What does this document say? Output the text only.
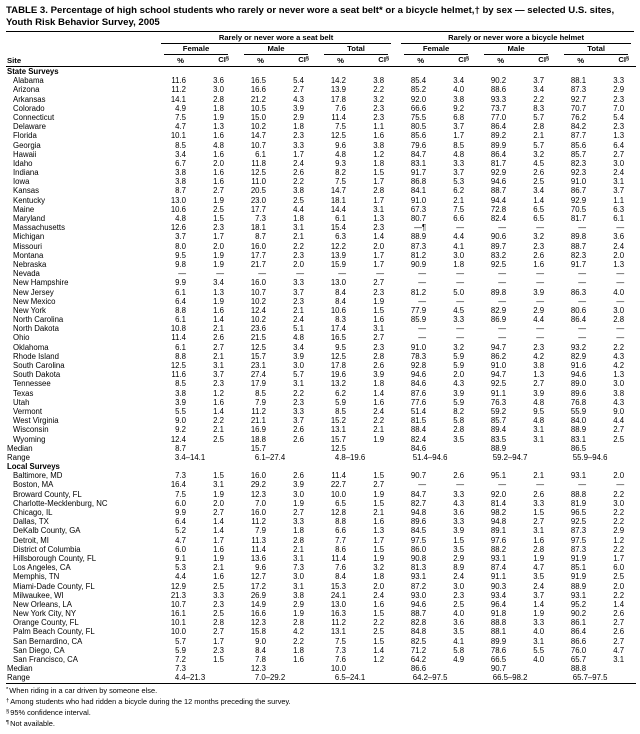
TABLE 3. Percentage of high school students who rarely or never wore a seat belt* or a bicycle helmet,† by sex — selected U.S. sites, Youth Risk Behavior Survey, 2005

	Rarely or never wore a seat belt						Rarely or never wore a bicycle helmet					

	Female		Male		Total		Female		Male		Total	

Site	%	CI§	%	CI§	%	CI§	%	CI§	%	CI§	%	CI§
State Surveys												
Alabama	11.6	3.6	16.5	5.4	14.2	3.8	85.4	3.4	90.2	3.7	88.1	3.3
Arizona	11.2	3.0	16.6	2.7	13.9	2.2	85.2	4.0	88.6	3.4	87.3	2.9
Arkansas	14.1	2.8	21.2	4.3	17.8	3.2	92.0	3.8	93.3	2.2	92.7	2.3
Colorado	4.9	1.8	10.5	3.9	7.6	2.3	66.6	9.2	73.7	8.3	70.7	7.0
Connecticut	7.5	1.9	15.0	2.9	11.4	2.3	75.5	6.8	77.0	5.7	76.2	5.4
Delaware	4.7	1.3	10.2	1.8	7.5	1.1	80.5	3.7	86.4	2.8	84.2	2.3
Florida	10.1	1.6	14.7	2.3	12.5	1.6	85.6	1.7	89.2	2.1	87.7	1.3
Georgia	8.5	4.8	10.7	3.3	9.6	3.8	79.6	8.5	89.9	5.7	85.6	6.4
Hawaii	3.4	1.6	6.1	1.7	4.8	1.2	84.7	4.8	86.4	3.2	85.7	2.7
Idaho	6.7	2.0	11.8	2.4	9.3	1.8	83.1	3.3	81.7	4.5	82.3	3.0
Indiana	3.8	1.6	12.5	2.6	8.2	1.5	91.7	3.7	92.9	2.6	92.3	2.4
Iowa	3.8	1.6	11.0	2.2	7.5	1.7	86.8	5.3	94.6	2.5	91.0	3.1
Kansas	8.7	2.7	20.5	3.8	14.7	2.8	84.1	6.2	88.7	3.4	86.7	3.7
Kentucky	13.0	1.9	23.0	2.5	18.1	1.7	91.0	2.1	94.4	1.4	92.9	1.1
Maine	10.6	2.5	17.7	4.4	14.4	3.1	67.3	7.5	72.8	6.5	70.5	6.3
Maryland	4.8	1.5	7.3	1.8	6.1	1.3	80.7	6.6	82.4	6.5	81.7	6.1
Massachusetts	12.6	2.3	18.1	3.1	15.4	2.3	—¶	—	—	—	—	—
Michigan	3.7	1.7	8.7	2.1	6.3	1.4	88.9	4.4	90.6	3.2	89.8	3.6
Missouri	8.0	2.0	16.0	2.2	12.2	2.0	87.3	4.1	89.7	2.3	88.7	2.4
Montana	9.5	1.9	17.7	2.3	13.9	1.7	81.2	3.0	83.2	2.6	82.3	2.0
Nebraska	9.8	1.9	21.7	2.0	15.9	1.7	90.9	1.8	92.5	1.6	91.7	1.3
Nevada	—	—	—	—	—	—	—	—	—	—	—	—
New Hampshire	9.9	3.4	16.0	3.3	13.0	2.7	—	—	—	—	—	—
New Jersey	6.1	1.3	10.7	3.7	8.4	2.3	81.2	5.0	89.8	3.9	86.3	4.0
New Mexico	6.4	1.9	10.2	2.3	8.4	1.9	—	—	—	—	—	—
New York	8.8	1.6	12.4	2.1	10.6	1.5	77.9	4.5	82.9	2.9	80.6	3.0
North Carolina	6.1	1.4	10.2	2.4	8.3	1.6	85.9	3.3	86.9	4.4	86.4	2.8
North Dakota	10.8	2.1	23.6	5.1	17.4	3.1	—	—	—	—	—	—
Ohio	11.4	2.6	21.5	4.8	16.5	2.7	—	—	—	—	—	—
Oklahoma	6.1	2.7	12.5	3.4	9.5	2.3	91.0	3.2	94.7	2.3	93.2	2.2
Rhode Island	8.8	2.1	15.7	3.9	12.5	2.8	78.3	5.9	86.2	4.2	82.9	4.3
South Carolina	12.5	3.1	23.1	3.0	17.8	2.6	92.8	5.9	91.0	3.8	91.6	4.2
South Dakota	11.6	3.7	27.4	5.7	19.6	3.9	94.6	2.0	94.7	1.3	94.6	1.3
Tennessee	8.5	2.3	17.9	3.1	13.2	1.8	84.6	4.3	92.5	2.7	89.0	3.0
Texas	3.8	1.2	8.5	2.2	6.2	1.4	87.6	3.9	91.1	3.9	89.6	3.8
Utah	3.9	1.6	7.9	2.3	5.9	1.6	77.6	5.9	76.3	4.8	76.8	4.3
Vermont	5.5	1.4	11.2	3.3	8.5	2.4	51.4	8.2	59.2	9.5	55.9	9.0
West Virginia	9.0	2.2	21.1	3.7	15.2	2.2	81.5	5.8	85.7	4.8	84.0	4.4
Wisconsin	9.2	2.1	16.9	2.6	13.1	2.1	88.4	2.8	89.4	3.1	88.9	2.7
Wyoming	12.4	2.5	18.8	2.6	15.7	1.9	82.4	3.5	83.5	3.1	83.1	2.5
Median	8.7		15.7		12.5		84.6		88.9		86.5	
Range	3.4–14.1		6.1–27.4		4.8–19.6		51.4–94.6		59.2–94.7		55.9–94.6	
Local Surveys												
Baltimore, MD	7.3	1.5	16.0	2.6	11.4	1.5	90.7	2.6	95.1	2.1	93.1	2.0
Boston, MA	16.4	3.1	29.2	3.9	22.7	2.7	—	—	—	—	—	—
Broward County, FL	7.5	1.9	12.3	3.0	10.0	1.9	84.7	3.3	92.0	2.6	88.8	2.2
Charlotte-Mecklenburg, NC	6.0	2.0	7.0	1.9	6.5	1.5	82.7	4.3	81.4	3.3	81.9	3.0
Chicago, IL	9.9	2.7	16.0	2.7	12.8	2.1	94.8	3.6	98.2	1.5	96.5	2.2
Dallas, TX	6.4	1.4	11.2	3.3	8.8	1.6	89.6	3.3	94.8	2.7	92.5	2.2
DeKalb County, GA	5.2	1.4	7.9	1.8	6.6	1.3	84.5	3.9	89.1	3.1	87.3	2.9
Detroit, MI	4.7	1.7	11.3	2.8	7.7	1.7	97.5	1.5	97.6	1.6	97.5	1.2
District of Columbia	6.0	1.6	11.4	2.1	8.6	1.5	86.0	3.5	88.2	2.8	87.3	2.2
Hillsborough County, FL	9.1	1.9	13.6	3.1	11.4	1.9	90.8	2.9	93.1	1.9	91.9	1.7
Los Angeles, CA	5.3	2.1	9.6	7.3	7.6	3.2	81.3	8.9	87.4	4.7	85.1	6.0
Memphis, TN	4.4	1.6	12.7	3.0	8.4	1.8	93.1	2.4	91.1	3.5	91.9	2.5
Miami-Dade County, FL	12.9	2.5	17.2	3.1	15.3	2.0	87.2	3.0	90.3	2.4	88.9	2.0
Milwaukee, WI	21.3	3.3	26.9	3.8	24.1	2.4	93.0	2.3	93.4	3.7	93.1	2.2
New Orleans, LA	10.7	2.3	14.9	2.9	13.0	1.6	94.6	2.5	96.4	1.4	95.2	1.4
New York City, NY	16.1	2.5	16.6	1.9	16.3	1.5	88.7	4.0	91.8	1.9	90.2	2.6
Orange County, FL	10.1	2.8	12.3	2.8	11.2	2.2	82.8	3.6	88.8	3.3	86.1	2.7
Palm Beach County, FL	10.0	2.7	15.8	4.2	13.1	2.5	84.8	3.5	88.1	4.0	86.4	2.6
San Bernardino, CA	5.7	1.7	9.0	2.2	7.5	1.5	82.5	4.1	89.9	3.1	86.6	2.7
San Diego, CA	5.9	2.3	8.4	1.8	7.3	1.4	71.2	5.8	78.6	5.5	76.0	4.7
San Francisco, CA	7.2	1.5	7.8	1.6	7.6	1.2	64.2	4.9	66.5	4.0	65.7	3.1
Median	7.3		12.3		10.0		86.6		90.7		88.8	
Range	4.4–21.3		7.0–29.2		6.5–24.1		64.2–97.5		66.5–98.2		65.7–97.5	
*When riding in a car driven by someone else.
†Among students who had ridden a bicycle during the 12 months preceding the survey.
§95% confidence interval.
¶Not available.
